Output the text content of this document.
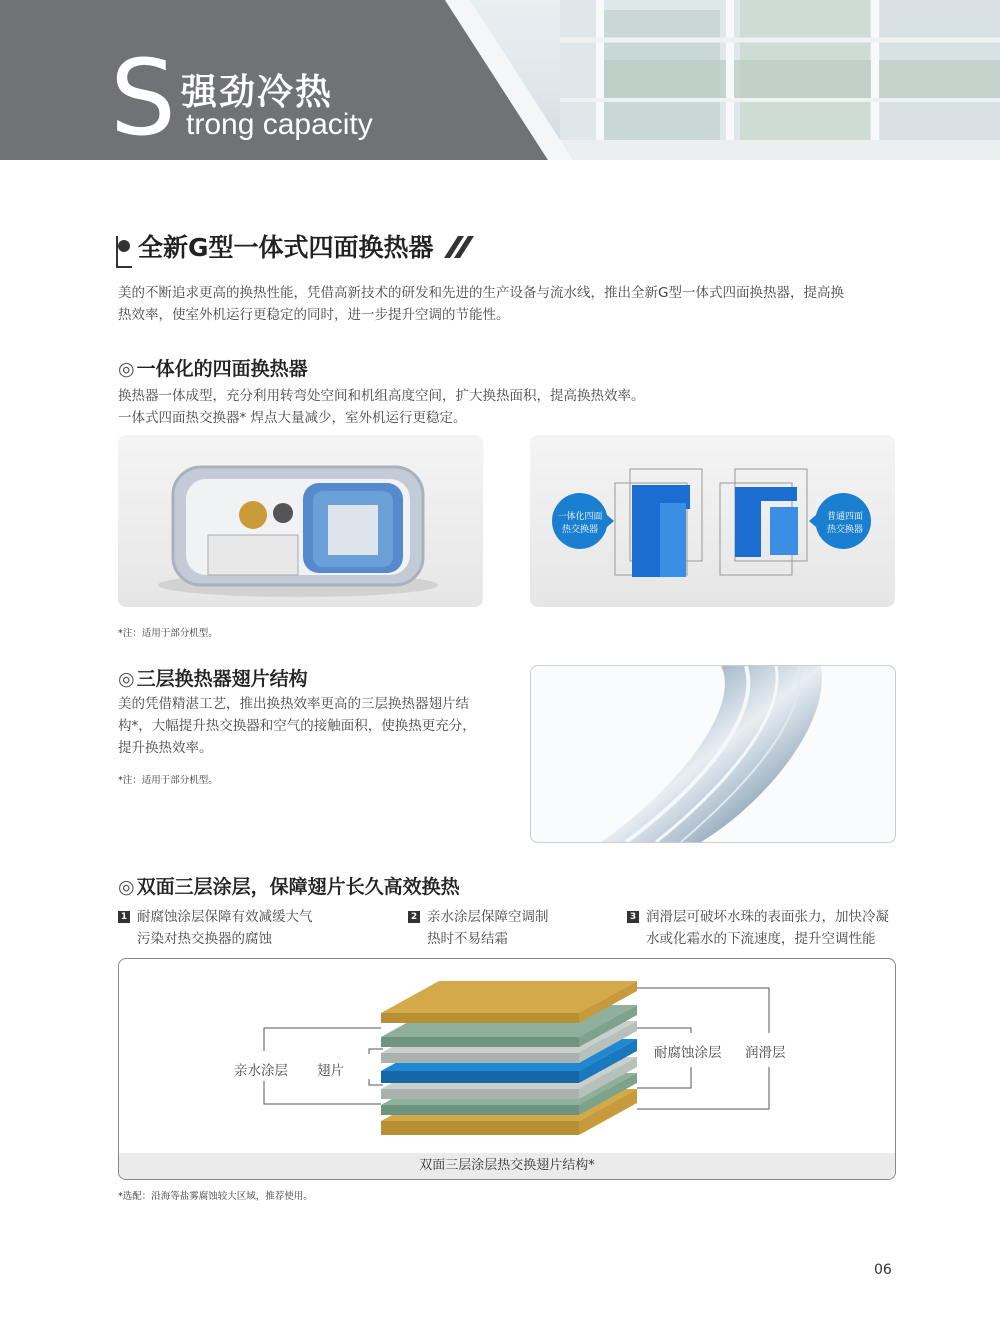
S 强劲冷热
trong capacity
全新G型一体式四面换热器
美的不断追求更高的换热性能，凭借高新技术的研发和先进的生产设备与流水线，推出全新G型一体式四面换热器，提高换
热效率，使室外机运行更稳定的同时，进一步提升空调的节能性。
◎ 一体化的四面换热器
换热器一体成型，充分利用转弯处空间和机组高度空间，扩大换热面积，提高换热效率。
一体式四面热交换器* 焊点大量减少，室外机运行更稳定。
一体化四面
热交换器
普通四面
热交换器
*注：适用于部分机型。
◎ 三层换热器翅片结构
美的凭借精湛工艺，推出换热效率更高的三层换热器翅片结
构*，大幅提升热交换器和空气的接触面积，使换热更充分，
提升换热效率。
*注：适用于部分机型。
◎ 双面三层涂层，保障翅片长久高效换热
1 耐腐蚀涂层保障有效减缓大气
污染对热交换器的腐蚀
2 亲水涂层保障空调制
热时不易结霜
3 润滑层可破坏水珠的表面张力，加快冷凝
水或化霜水的下流速度，提升空调性能
亲水涂层 翅片
耐腐蚀涂层 润滑层
双面三层涂层热交换翅片结构*
*选配：沿海等盐雾腐蚀较大区域，推荐使用。
06
